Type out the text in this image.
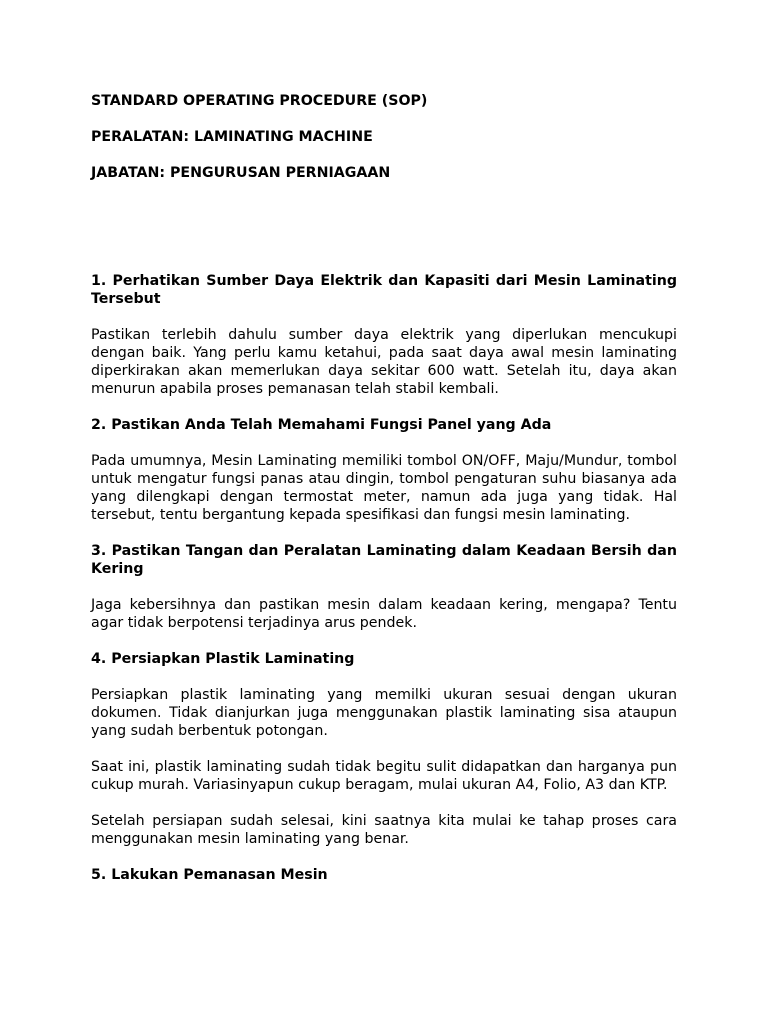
STANDARD OPERATING PROCEDURE (SOP)
PERALATAN: LAMINATING MACHINE
JABATAN: PENGURUSAN PERNIAGAAN
1. Perhatikan Sumber Daya Elektrik dan Kapasiti dari Mesin Laminating Tersebut
Pastikan terlebih dahulu sumber daya elektrik yang diperlukan mencukupi dengan baik. Yang perlu kamu ketahui, pada saat daya awal mesin laminating diperkirakan akan memerlukan daya sekitar 600 watt. Setelah itu, daya akan menurun apabila proses pemanasan telah stabil kembali.
2. Pastikan Anda Telah Memahami Fungsi Panel yang Ada
Pada umumnya, Mesin Laminating memiliki tombol ON/OFF, Maju/Mundur, tombol untuk mengatur fungsi panas atau dingin, tombol pengaturan suhu biasanya ada yang dilengkapi dengan termostat meter, namun ada juga yang tidak. Hal tersebut, tentu bergantung kepada spesifikasi dan fungsi mesin laminating.
3. Pastikan Tangan dan Peralatan Laminating dalam Keadaan Bersih dan Kering
Jaga kebersihnya dan pastikan mesin dalam keadaan kering, mengapa? Tentu agar tidak berpotensi terjadinya arus pendek.
4. Persiapkan Plastik Laminating
Persiapkan plastik laminating yang memilki ukuran sesuai dengan ukuran dokumen. Tidak dianjurkan juga menggunakan plastik laminating sisa ataupun yang sudah berbentuk potongan.
Saat ini, plastik laminating sudah tidak begitu sulit didapatkan dan harganya pun cukup murah. Variasinyapun cukup beragam, mulai ukuran A4, Folio, A3 dan KTP.
Setelah persiapan sudah selesai, kini saatnya kita mulai ke tahap proses cara menggunakan mesin laminating yang benar.
5. Lakukan Pemanasan Mesin
